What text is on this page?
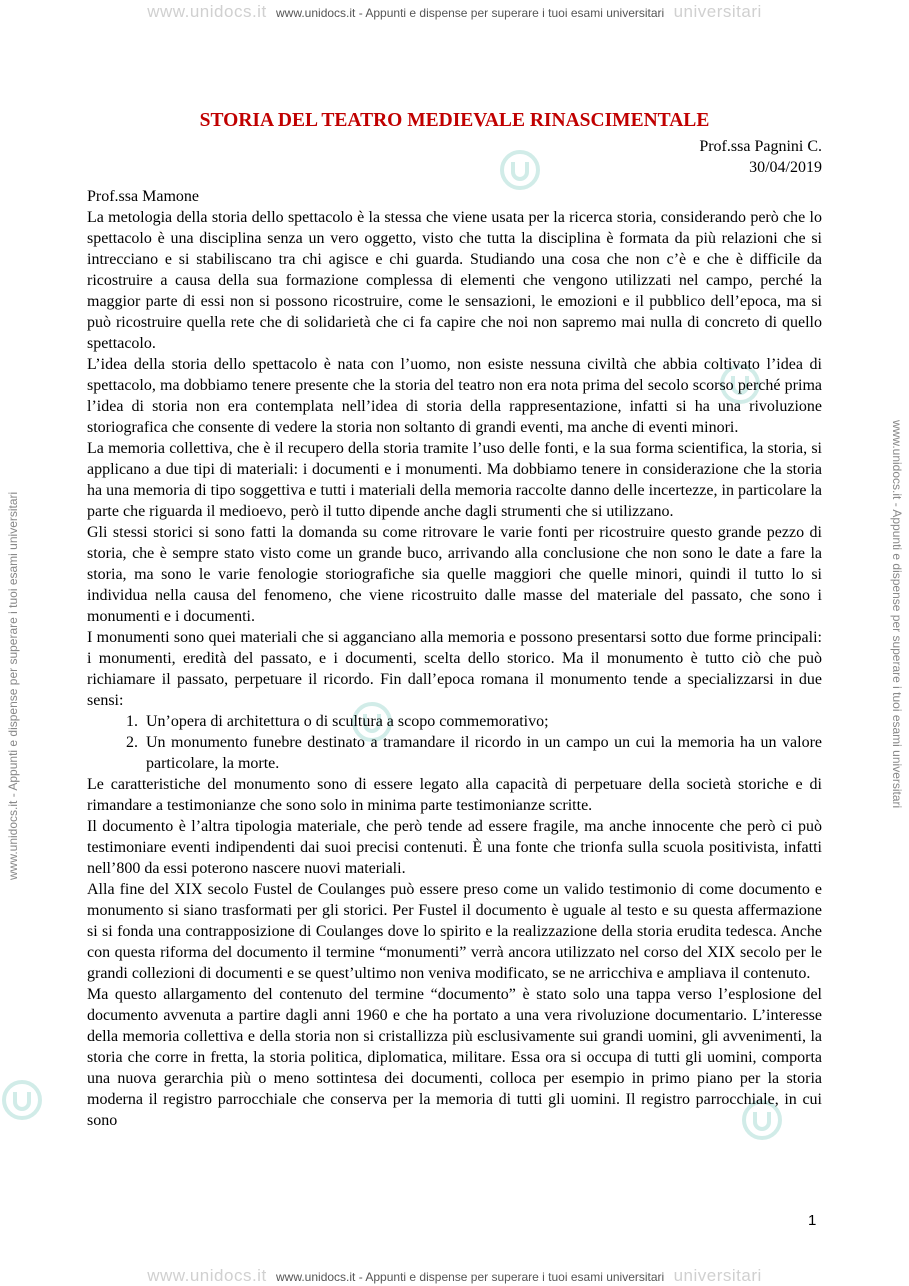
www.unidocs.it www.unidocs.it - Appunti e dispense per superare i tuoi esami universitari universitari
www.unidocs.it www.unidocs.it - Appunti e dispense per superare i tuoi esami universitari universitari
www.unidocs.it - Appunti e dispense per superare i tuoi esami universitari	www.unidocs.it - Appunti e dispense per superare i tuoi esami universitari
STORIA DEL TEATRO MEDIEVALE RINASCIMENTALE
Prof.ssa Pagnini C.
30/04/2019

Prof.ssa Mamone

La metologia della storia dello spettacolo è la stessa che viene usata per la ricerca storia, considerando però che lo spettacolo è una disciplina senza un vero oggetto, visto che tutta la disciplina è formata da più relazioni che si intrecciano e si stabiliscano tra chi agisce e chi guarda. Studiando una cosa che non c’è e che è difficile da ricostruire a causa della sua formazione complessa di elementi che vengono utilizzati nel campo, perché la maggior parte di essi non si possono ricostruire, come le sensazioni, le emozioni e il pubblico dell’epoca, ma si può ricostruire quella rete che di solidarietà che ci fa capire che noi non sapremo mai nulla di concreto di quello spettacolo.

L’idea della storia dello spettacolo è nata con l’uomo, non esiste nessuna civiltà che abbia coltivato l’idea di spettacolo, ma dobbiamo tenere presente che la storia del teatro non era nota prima del secolo scorso perché prima l’idea di storia non era contemplata nell’idea di storia della rappresentazione, infatti si ha una rivoluzione storiografica che consente di vedere la storia non soltanto di grandi eventi, ma anche di eventi minori.

La memoria collettiva, che è il recupero della storia tramite l’uso delle fonti, e la sua forma scientifica, la storia, si applicano a due tipi di materiali: i documenti e i monumenti. Ma dobbiamo tenere in considerazione che la storia ha una memoria di tipo soggettiva e tutti i materiali della memoria raccolte danno delle incertezze, in particolare la parte che riguarda il medioevo, però il tutto dipende anche dagli strumenti che si utilizzano.

Gli stessi storici si sono fatti la domanda su come ritrovare le varie fonti per ricostruire questo grande pezzo di storia, che è sempre stato visto come un grande buco, arrivando alla conclusione che non sono le date a fare la storia, ma sono le varie fenologie storiografiche sia quelle maggiori che quelle minori, quindi il tutto lo si individua nella causa del fenomeno, che viene ricostruito dalle masse del materiale del passato, che sono i monumenti e i documenti.

I monumenti sono quei materiali che si agganciano alla memoria e possono presentarsi sotto due forme principali: i monumenti, eredità del passato, e i documenti, scelta dello storico. Ma il monumento è tutto ciò che può richiamare il passato, perpetuare il ricordo. Fin dall’epoca romana il monumento tende a specializzarsi in due sensi:

1. Un’opera di architettura o di scultura a scopo commemorativo;
2. Un monumento funebre destinato a tramandare il ricordo in un campo un cui la memoria ha un valore particolare, la morte.

Le caratteristiche del monumento sono di essere legato alla capacità di perpetuare della società storiche e di rimandare a testimonianze che sono solo in minima parte testimonianze scritte.

Il documento è l’altra tipologia materiale, che però tende ad essere fragile, ma anche innocente che però ci può testimoniare eventi indipendenti dai suoi precisi contenuti. È una fonte che trionfa sulla scuola positivista, infatti nell’800 da essi poterono nascere nuovi materiali.

Alla fine del XIX secolo Fustel de Coulanges può essere preso come un valido testimonio di come documento e monumento si siano trasformati per gli storici. Per Fustel il documento è uguale al testo e su questa affermazione si si fonda una contrapposizione di Coulanges dove lo spirito e la realizzazione della storia erudita tedesca. Anche con questa riforma del documento il termine “monumenti” verrà ancora utilizzato nel corso del XIX secolo per le grandi collezioni di documenti e se quest’ultimo non veniva modificato, se ne arricchiva e ampliava il contenuto.

Ma questo allargamento del contenuto del termine “documento” è stato solo una tappa verso l’esplosione del documento avvenuta a partire dagli anni 1960 e che ha portato a una vera rivoluzione documentario. L’interesse della memoria collettiva e della storia non si cristallizza più esclusivamente sui grandi uomini, gli avvenimenti, la storia che corre in fretta, la storia politica, diplomatica, militare. Essa ora si occupa di tutti gli uomini, comporta una nuova gerarchia più o meno sottintesa dei documenti, colloca per esempio in primo piano per la storia moderna il registro parrocchiale che conserva per la memoria di tutti gli uomini. Il registro parrocchiale, in cui sono

1
